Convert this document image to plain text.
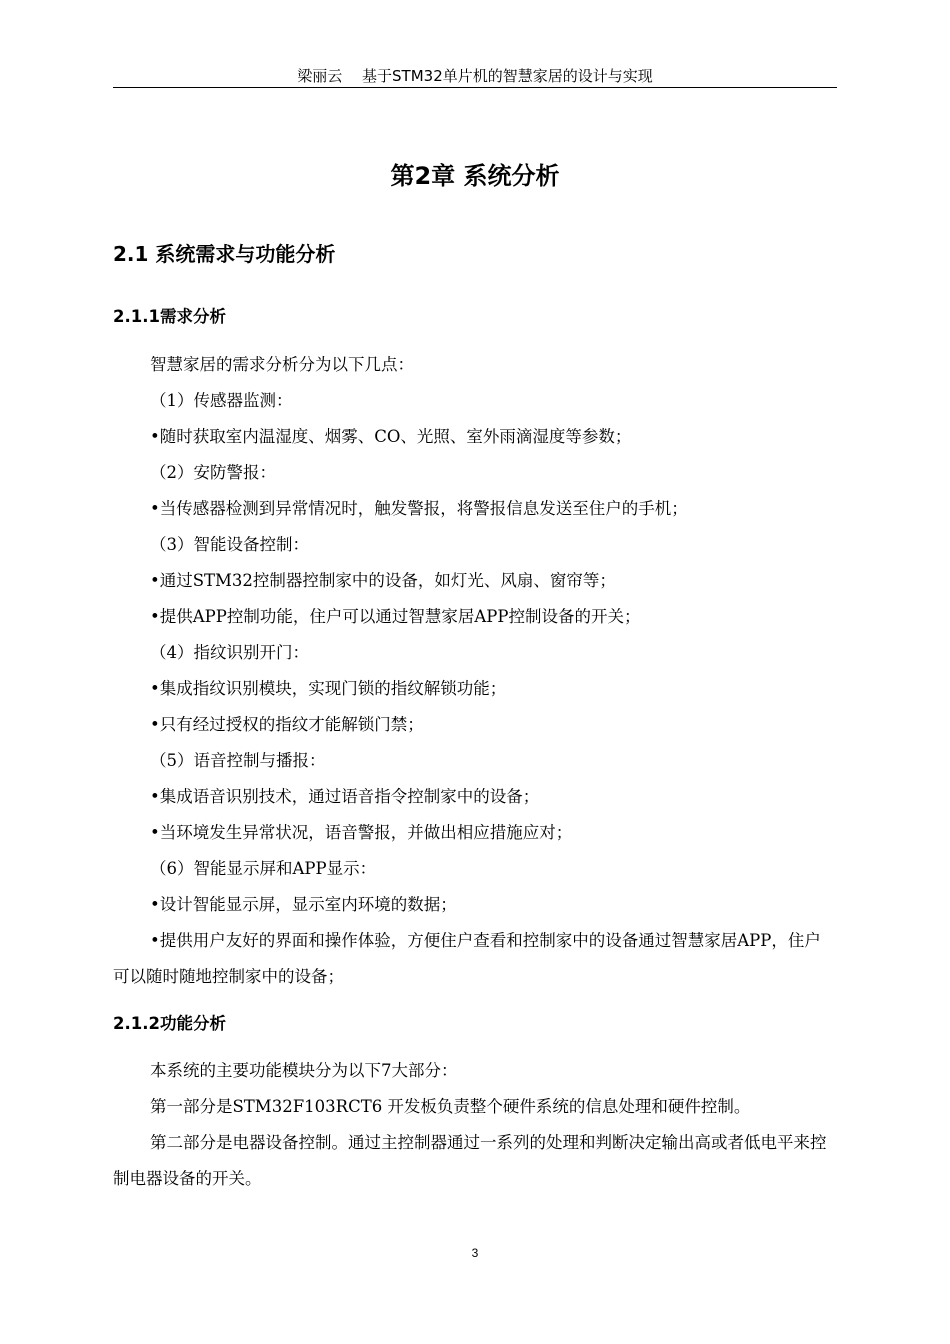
梁丽云　 基于STM32单片机的智慧家居的设计与实现
第2章 系统分析
2.1 系统需求与功能分析
2.1.1需求分析

智慧家居的需求分析分为以下几点：

（1）传感器监测：

•随时获取室内温湿度、烟雾、CO、光照、室外雨滴湿度等参数；

（2）安防警报：

•当传感器检测到异常情况时，触发警报，将警报信息发送至住户的手机；

（3）智能设备控制：

•通过STM32控制器控制家中的设备，如灯光、风扇、窗帘等；

•提供APP控制功能，住户可以通过智慧家居APP控制设备的开关；

（4）指纹识别开门：

•集成指纹识别模块，实现门锁的指纹解锁功能；

•只有经过授权的指纹才能解锁门禁；

（5）语音控制与播报：

•集成语音识别技术，通过语音指令控制家中的设备；

•当环境发生异常状况，语音警报，并做出相应措施应对；

（6）智能显示屏和APP显示：

•设计智能显示屏，显示室内环境的数据；

•提供用户友好的界面和操作体验，方便住户查看和控制家中的设备通过智慧家居APP，住户可以随时随地控制家中的设备；

2.1.2功能分析

本系统的主要功能模块分为以下7大部分：

第一部分是STM32F103RCT6 开发板负责整个硬件系统的信息处理和硬件控制。

第二部分是电器设备控制。通过主控制器通过一系列的处理和判断决定输出高或者低电平来控制电器设备的开关。

3
